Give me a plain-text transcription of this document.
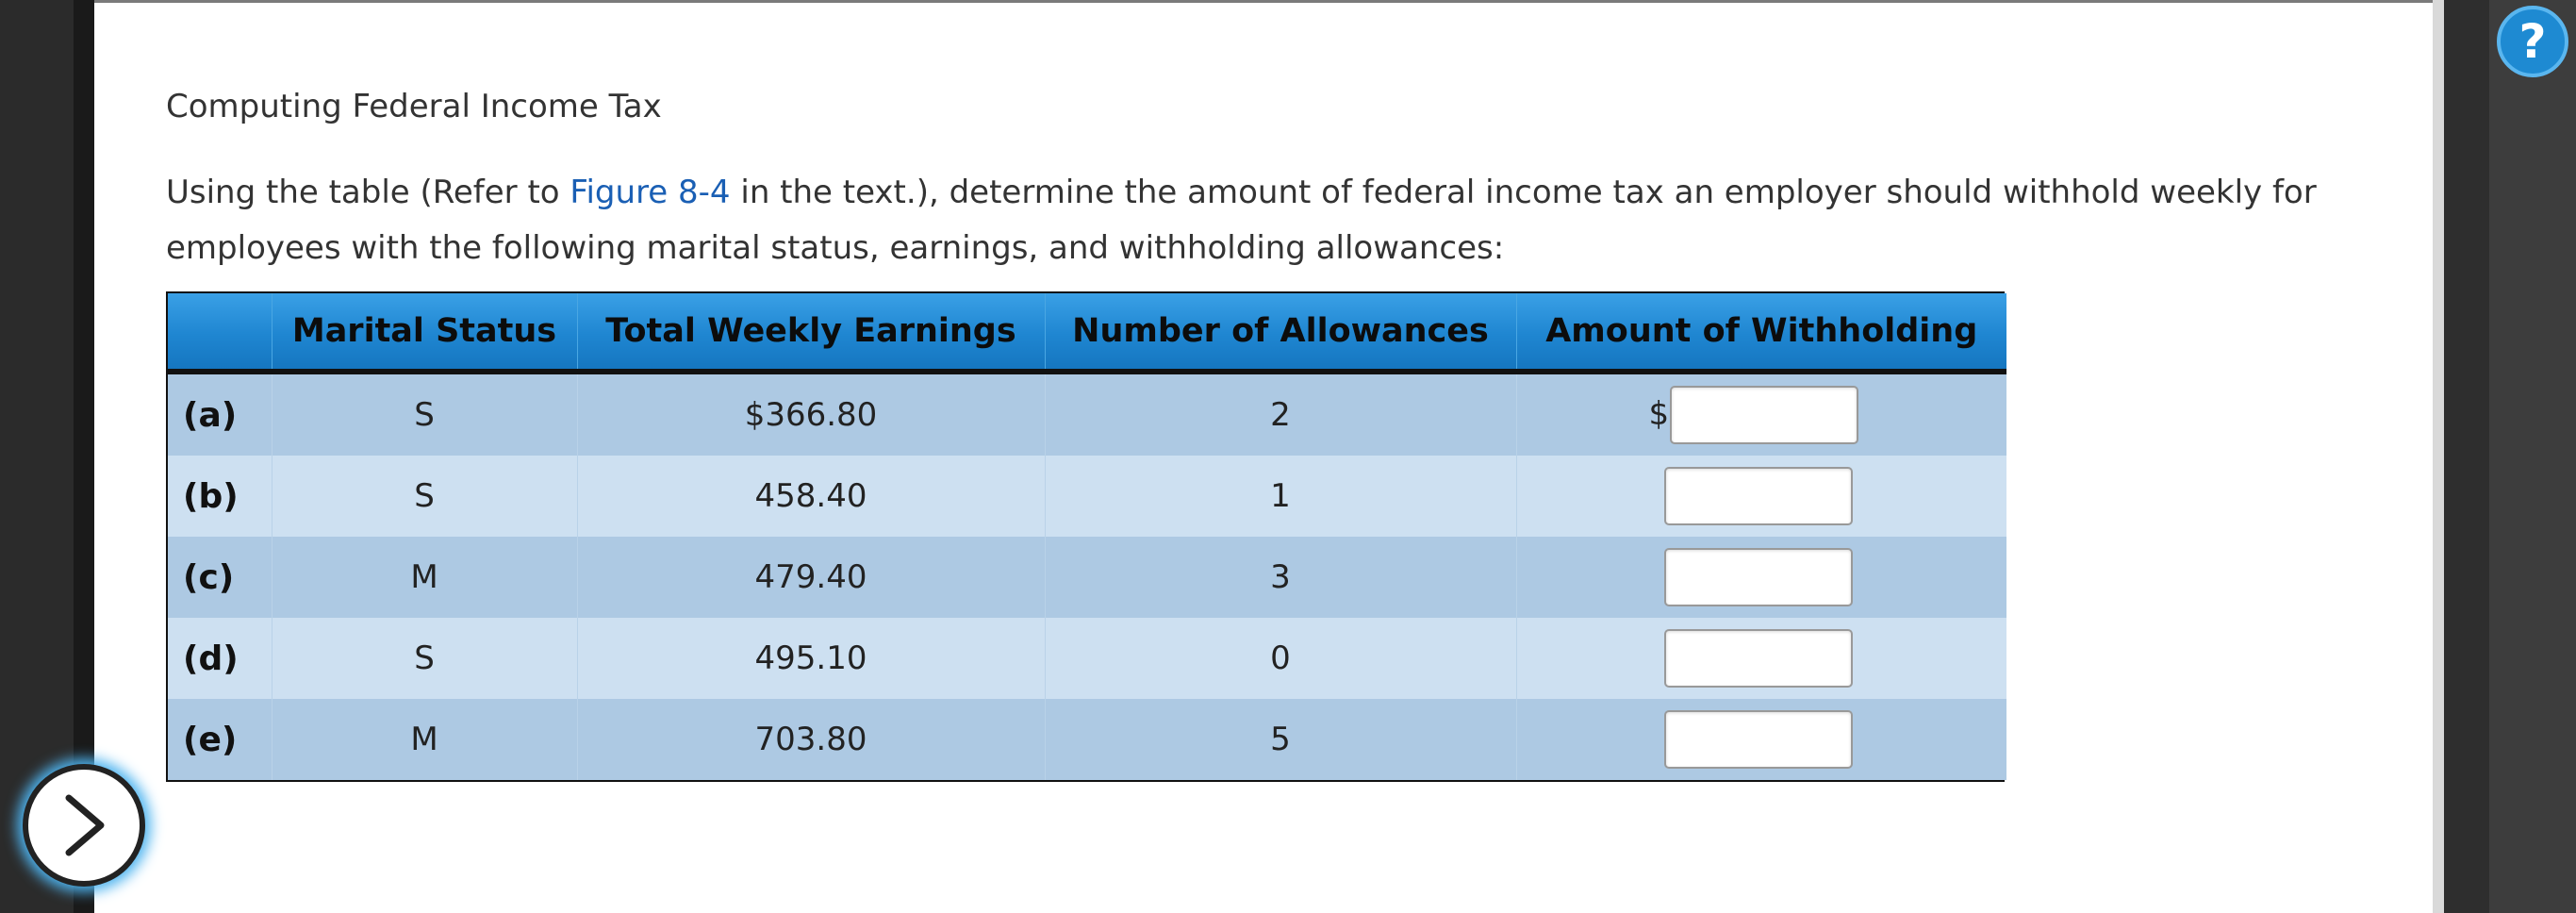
Computing Federal Income Tax

Using the table (Refer to Figure 8-4 in the text.), determine the amount of federal income tax an employer should withhold weekly for employees with the following marital status, earnings, and withholding allowances:

	Marital Status	Total Weekly Earnings	Number of Allowances	Amount of Withholding
(a)	S	$366.80	2	$

(b)	S	458.40	1	

(c)	M	479.40	3	

(d)	S	495.10	0	

(e)	M	703.80	5	
?
